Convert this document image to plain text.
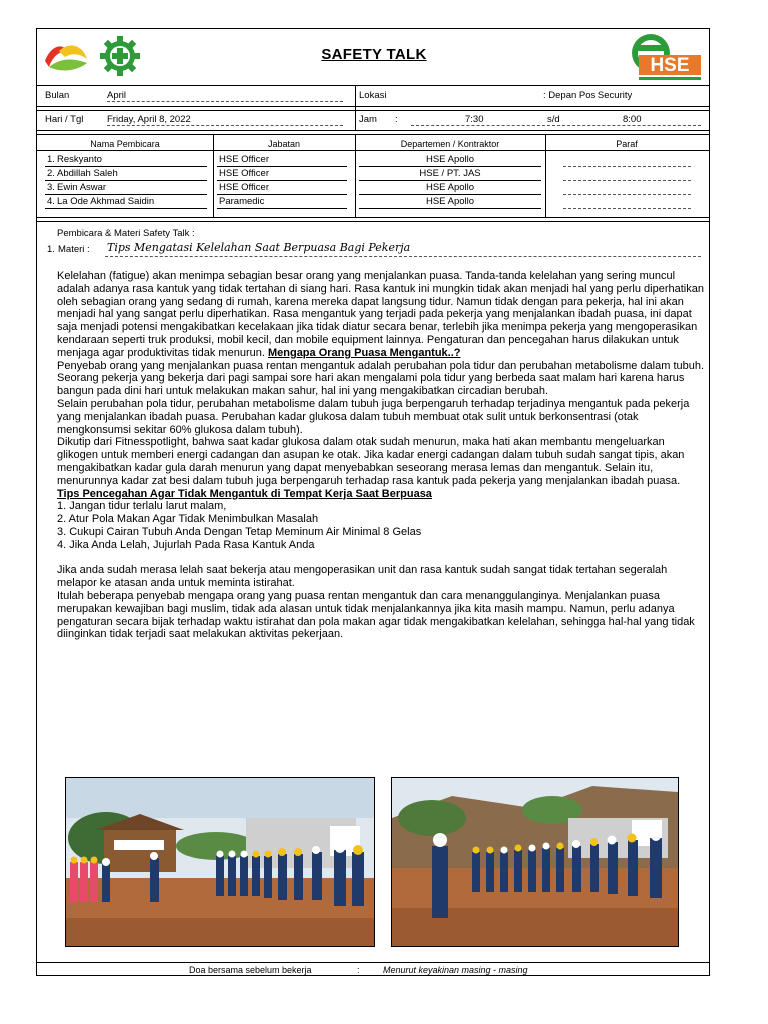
SAFETY TALK
HSE
Bulan	April	Lokasi	: Depan Pos Security
Hari / Tgl Friday, April 8, 2022	Jam :	7:30	s/d	8:00
Nama Pembicara	Jabatan	Departemen / Kontraktor	Paraf
1. Reskyanto	HSE Officer	HSE Apollo
2. Abdillah Saleh	HSE Officer	HSE / PT. JAS
3. Ewin Aswar	HSE Officer	HSE Apollo
4. La Ode Akhmad Saidin	Paramedic	HSE Apollo
Pembicara & Materi Safety Talk :
1. Materi : Tips Mengatasi Kelelahan Saat Berpuasa Bagi Pekerja

Kelelahan (fatigue) akan menimpa sebagian besar orang yang menjalankan puasa. Tanda-tanda kelelahan yang sering muncul adalah adanya rasa kantuk yang tidak tertahan di siang hari. Rasa kantuk ini mungkin tidak akan menjadi hal yang perlu diperhatikan oleh sebagian orang yang sedang di rumah, karena mereka dapat langsung tidur. Namun tidak dengan para pekerja, hal ini akan menjadi hal yang sangat perlu diperhatikan. Rasa mengantuk yang terjadi pada pekerja yang menjalankan ibadah puasa, ini dapat saja menjadi potensi mengakibatkan kecelakaan jika tidak diatur secara benar, terlebih jika menimpa pekerja yang mengoperasikan kendaraan seperti truk produksi, mobil kecil, dan mobile equipment lainnya. Pengaturan dan pencegahan harus dilakukan untuk menjaga agar produktivitas tidak menurun. Mengapa Orang Puasa Mengantuk..?

Penyebab orang yang menjalankan puasa rentan mengantuk adalah perubahan pola tidur dan perubahan metabolisme dalam tubuh. Seorang pekerja yang bekerja dari pagi sampai sore hari akan mengalami pola tidur yang berbeda saat malam hari karena harus bangun pada dini hari untuk melakukan makan sahur, hal ini yang mengakibatkan circadian berubah.

Selain perubahan pola tidur, perubahan metabolisme dalam tubuh juga berpengaruh terhadap terjadinya mengantuk pada pekerja yang menjalankan ibadah puasa. Perubahan kadar glukosa dalam tubuh membuat otak sulit untuk berkonsentrasi (otak mengkonsumsi sekitar 60% glukosa dalam tubuh).

Dikutip dari Fitnesspotlight, bahwa saat kadar glukosa dalam otak sudah menurun, maka hati akan membantu mengeluarkan glikogen untuk memberi energi cadangan dan asupan ke otak. Jika kadar energi cadangan dalam tubuh sudah sangat tipis, akan mengakibatkan kadar gula darah menurun yang dapat menyebabkan seseorang merasa lemas dan mengantuk. Selain itu, menurunnya kadar zat besi dalam tubuh juga berpengaruh terhadap rasa kantuk pada pekerja yang menjalankan ibadah puasa.

Tips Pencegahan Agar Tidak Mengantuk di Tempat Kerja Saat Berpuasa

1. Jangan tidur terlalu larut malam,

2. Atur Pola Makan Agar Tidak Menimbulkan Masalah

3. Cukupi Cairan Tubuh Anda Dengan Tetap Meminum Air Minimal 8 Gelas

4. Jika Anda Lelah, Jujurlah Pada Rasa Kantuk Anda

Jika anda sudah merasa lelah saat bekerja atau mengoperasikan unit dan rasa kantuk sudah sangat tidak tertahan segeralah melapor ke atasan anda untuk meminta istirahat.

Itulah beberapa penyebab mengapa orang yang puasa rentan mengantuk dan cara menanggulanginya. Menjalankan puasa merupakan kewajiban bagi muslim, tidak ada alasan untuk tidak menjalankannya jika kita masih mampu. Namun, perlu adanya pengaturan secara bijak terhadap waktu istirahat dan pola makan agar tidak mengakibatkan kelelahan, sehingga hal-hal yang tidak diinginkan tidak terjadi saat melakukan aktivitas pekerjaan.

Doa bersama sebelum bekerja	:	Menurut keyakinan masing - masing
